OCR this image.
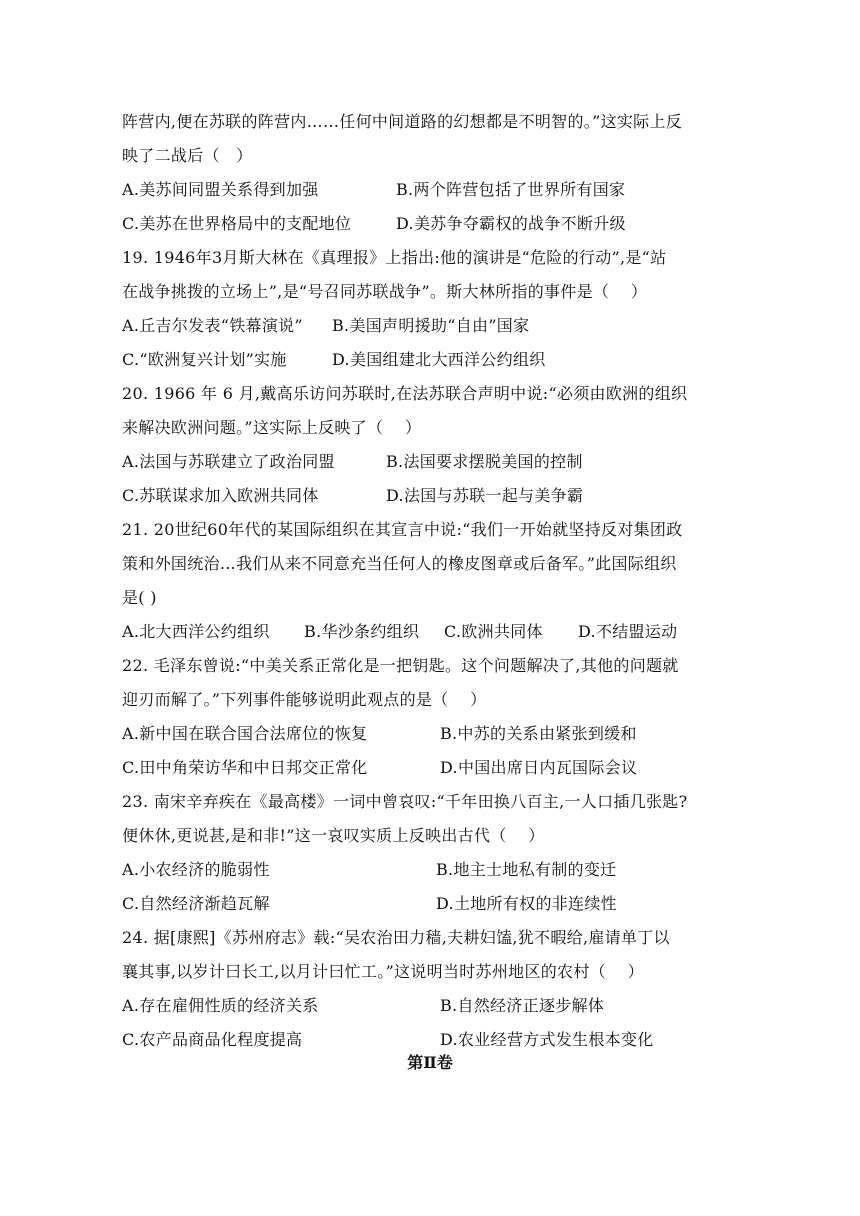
阵营内,便在苏联的阵营内……任何中间道路的幻想都是不明智的。”这实际上反
映了二战后（　）
A.美苏间同盟关系得到加强	B.两个阵营包括了世界所有国家
C.美苏在世界格局中的支配地位	D.美苏争夺霸权的战争不断升级
19. 1946年3月斯大林在《真理报》上指出:他的演讲是“危险的行动”,是“站
在战争挑拨的立场上”,是“号召同苏联战争”。斯大林所指的事件是（　 ）
A.丘吉尔发表“铁幕演说” B.美国声明援助“自由”国家
C.“欧洲复兴计划”实施	D.美国组建北大西洋公约组织
20. 1966 年 6 月,戴高乐访问苏联时,在法苏联合声明中说:“必须由欧洲的组织
来解决欧洲问题。”这实际上反映了（　 ）
A.法国与苏联建立了政治同盟	B.法国要求摆脱美国的控制
C.苏联谋求加入欧洲共同体	D.法国与苏联一起与美争霸
21. 20世纪60年代的某国际组织在其宣言中说:“我们一开始就坚持反对集团政
策和外国统治…我们从来不同意充当任何人的橡皮图章或后备军。”此国际组织
是( )
A.北大西洋公约组织 B.华沙条约组织 C.欧洲共同体 D.不结盟运动
22. 毛泽东曾说:“中美关系正常化是一把钥匙。这个问题解决了,其他的问题就
迎刃而解了。”下列事件能够说明此观点的是（　 ）
A.新中国在联合国合法席位的恢复	B.中苏的关系由紧张到缓和
C.田中角荣访华和中日邦交正常化	D.中国出席日内瓦国际会议
23. 南宋辛弃疾在《最高楼》一词中曾哀叹:“千年田换八百主,一人口插几张匙?
便休休,更说甚,是和非!”这一哀叹实质上反映出古代（　 ）
A.小农经济的脆弱性	B.地主士地私有制的变迁
C.自然经济渐趋瓦解	D.土地所有权的非连续性
24. 据[康熙]《苏州府志》载:“吴农治田力穑,夫耕妇馌,犹不暇给,雇请单丁以
襄其事,以岁计曰长工,以月计曰忙工。”这说明当时苏州地区的农村（　 ）
A.存在雇佣性质的经济关系	B.自然经济正逐步解体
C.农产品商品化程度提高	D.农业经营方式发生根本变化
第Ⅱ卷
